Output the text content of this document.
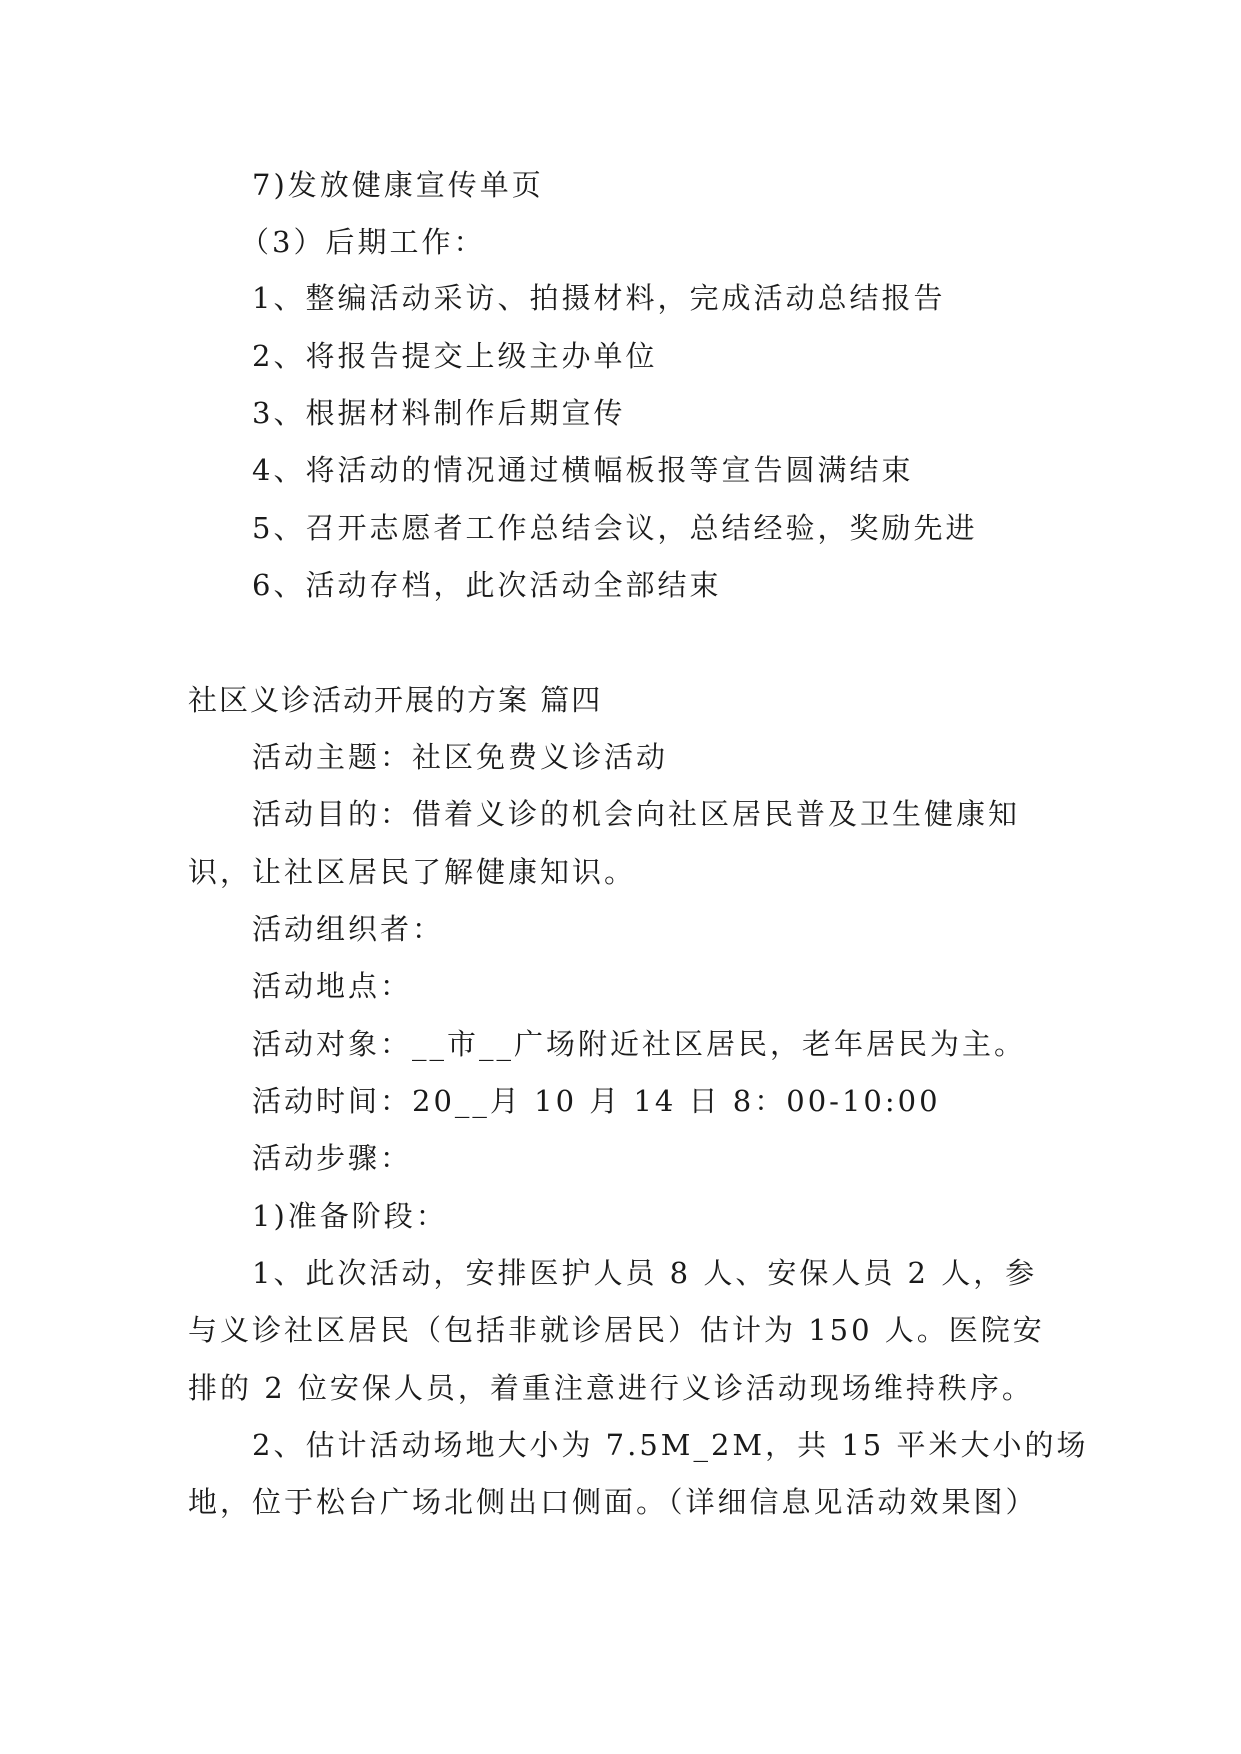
7)发放健康宣传单页
（3）后期工作：
1、整编活动采访、拍摄材料，完成活动总结报告
2、将报告提交上级主办单位
3、根据材料制作后期宣传
4、将活动的情况通过横幅板报等宣告圆满结束
5、召开志愿者工作总结会议，总结经验，奖励先进
6、活动存档，此次活动全部结束
社区义诊活动开展的方案 篇四
活动主题：社区免费义诊活动
活动目的：借着义诊的机会向社区居民普及卫生健康知
识，让社区居民了解健康知识。
活动组织者：
活动地点：
活动对象：__市__广场附近社区居民，老年居民为主。
活动时间：20__月 10 月 14 日 8：00-10:00
活动步骤：
1)准备阶段：
1、此次活动，安排医护人员 8 人、安保人员 2 人，参
与义诊社区居民（包括非就诊居民）估计为 150 人。医院安
排的 2 位安保人员，着重注意进行义诊活动现场维持秩序。
2、估计活动场地大小为 7.5M_2M，共 15 平米大小的场
地，位于松台广场北侧出口侧面。（详细信息见活动效果图）
